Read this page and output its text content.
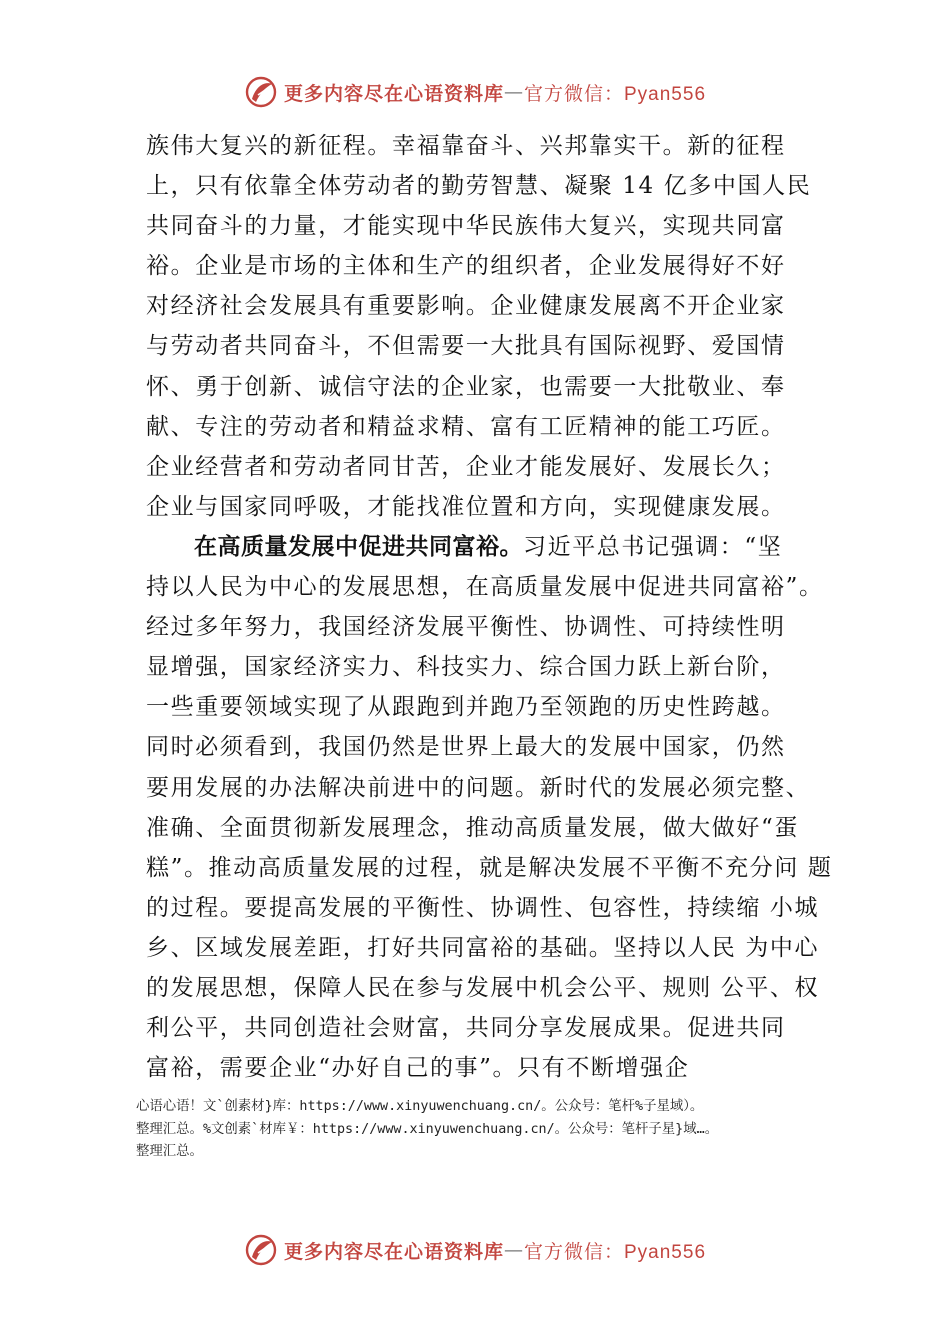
更多内容尽在心语资料库 — 官方微信：Pyan556
族伟大复兴的新征程。幸福靠奋斗、兴邦靠实干。新的征程
上，只有依靠全体劳动者的勤劳智慧、凝聚 14 亿多中国人民
共同奋斗的力量，才能实现中华民族伟大复兴，实现共同富
裕。企业是市场的主体和生产的组织者，企业发展得好不好
对经济社会发展具有重要影响。企业健康发展离不开企业家
与劳动者共同奋斗，不但需要一大批具有国际视野、爱国情
怀、勇于创新、诚信守法的企业家，也需要一大批敬业、奉
献、专注的劳动者和精益求精、富有工匠精神的能工巧匠。
企业经营者和劳动者同甘苦，企业才能发展好、发展长久；
企业与国家同呼吸，才能找准位置和方向，实现健康发展。
在高质量发展中促进共同富裕。习近平总书记强调：“坚
持以人民为中心的发展思想，在高质量发展中促进共同富裕”。
经过多年努力，我国经济发展平衡性、协调性、可持续性明
显增强，国家经济实力、科技实力、综合国力跃上新台阶，
一些重要领域实现了从跟跑到并跑乃至领跑的历史性跨越。
同时必须看到，我国仍然是世界上最大的发展中国家，仍然
要用发展的办法解决前进中的问题。新时代的发展必须完整、
准确、全面贯彻新发展理念，推动高质量发展，做大做好“蛋
糕”。推动高质量发展的过程，就是解决发展不平衡不充分问 题
的过程。要提高发展的平衡性、协调性、包容性，持续缩 小城
乡、区域发展差距，打好共同富裕的基础。坚持以人民 为中心
的发展思想，保障人民在参与发展中机会公平、规则 公平、权
利公平，共同创造社会财富，共同分享发展成果。促进共同
富裕，需要企业“办好自己的事”。只有不断增强企
心语心语！文`创素材}库：https://www.xinyuwenchuang.cn/。公众号：笔杆%子星域）。
整理汇总。%文创素`材库￥：https://www.xinyuwenchuang.cn/。公众号：笔杆子星}域…。
整理汇总。
更多内容尽在心语资料库 — 官方微信：Pyan556
